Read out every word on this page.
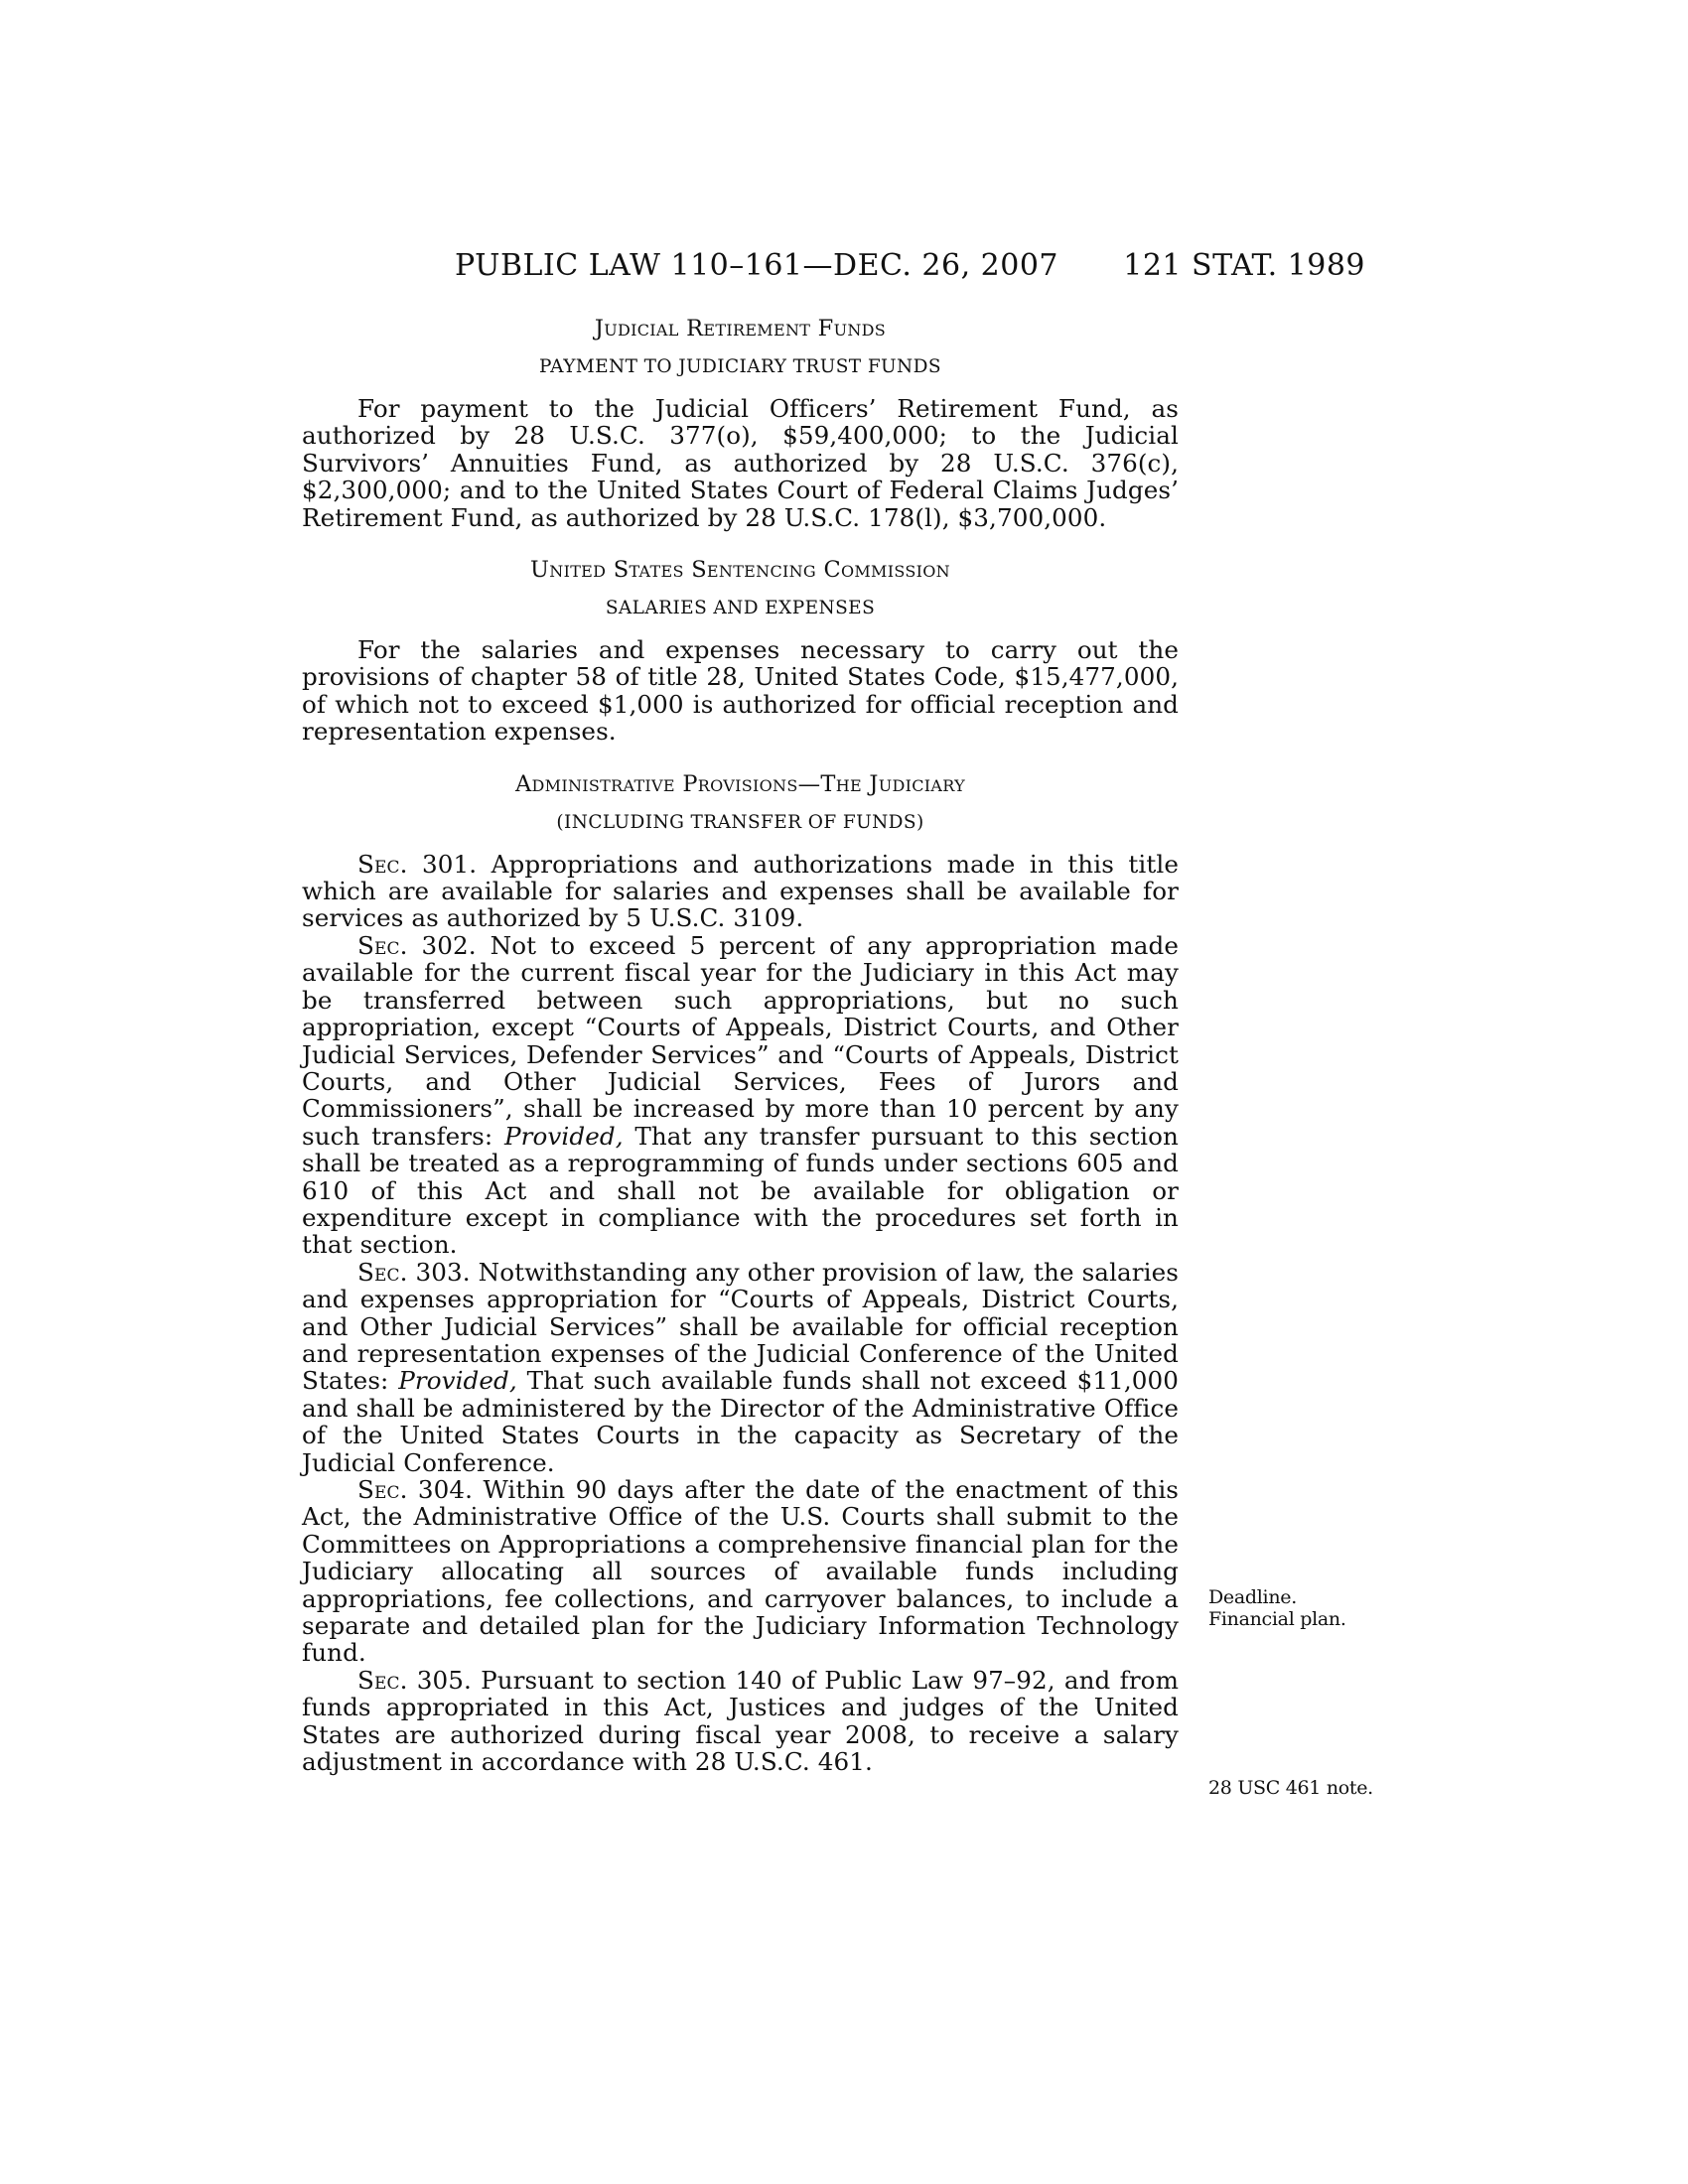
PUBLIC LAW 110–161—DEC. 26, 2007 121 STAT. 1989

Judicial Retirement Funds

PAYMENT TO JUDICIARY TRUST FUNDS

For payment to the Judicial Officers’ Retirement Fund, as authorized by 28 U.S.C. 377(o), $59,400,000; to the Judicial Survivors’ Annuities Fund, as authorized by 28 U.S.C. 376(c), $2,300,000; and to the United States Court of Federal Claims Judges’ Retirement Fund, as authorized by 28 U.S.C. 178(l), $3,700,000.

United States Sentencing Commission

SALARIES AND EXPENSES

For the salaries and expenses necessary to carry out the provisions of chapter 58 of title 28, United States Code, $15,477,000, of which not to exceed $1,000 is authorized for official reception and representation expenses.

Administrative Provisions—The Judiciary

(INCLUDING TRANSFER OF FUNDS)

Sec. 301. Appropriations and authorizations made in this title which are available for salaries and expenses shall be available for services as authorized by 5 U.S.C. 3109.

Sec. 302. Not to exceed 5 percent of any appropriation made available for the current fiscal year for the Judiciary in this Act may be transferred between such appropriations, but no such appropriation, except “Courts of Appeals, District Courts, and Other Judicial Services, Defender Services” and “Courts of Appeals, District Courts, and Other Judicial Services, Fees of Jurors and Commissioners”, shall be increased by more than 10 percent by any such transfers: Provided, That any transfer pursuant to this section shall be treated as a reprogramming of funds under sections 605 and 610 of this Act and shall not be available for obligation or expenditure except in compliance with the procedures set forth in that section.

Sec. 303. Notwithstanding any other provision of law, the salaries and expenses appropriation for “Courts of Appeals, District Courts, and Other Judicial Services” shall be available for official reception and representation expenses of the Judicial Conference of the United States: Provided, That such available funds shall not exceed $11,000 and shall be administered by the Director of the Administrative Office of the United States Courts in the capacity as Secretary of the Judicial Conference.

Sec. 304. Within 90 days after the date of the enactment of this Act, the Administrative Office of the U.S. Courts shall submit to the Committees on Appropriations a comprehensive financial plan for the Judiciary allocating all sources of available funds including appropriations, fee collections, and carryover balances, to include a separate and detailed plan for the Judiciary Information Technology fund.

Sec. 305. Pursuant to section 140 of Public Law 97–92, and from funds appropriated in this Act, Justices and judges of the United States are authorized during fiscal year 2008, to receive a salary adjustment in accordance with 28 U.S.C. 461.

Deadline.
Financial plan.
28 USC 461 note.
